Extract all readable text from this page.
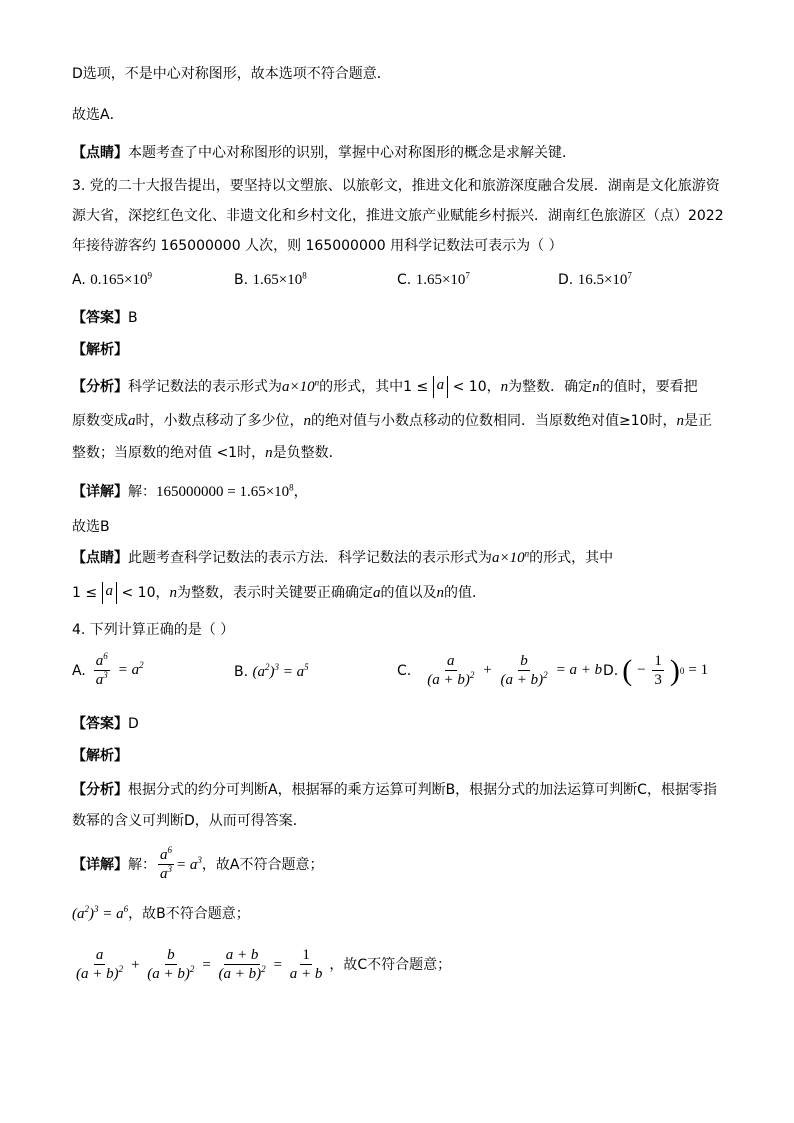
D选项，不是中心对称图形，故本选项不符合题意．
故选A．
【点睛】本题考查了中心对称图形的识别，掌握中心对称图形的概念是求解关键．
3. 党的二十大报告提出，要坚持以文塑旅、以旅彰文，推进文化和旅游深度融合发展．湖南是文化旅游资
源大省，深挖红色文化、非遗文化和乡村文化，推进文旅产业赋能乡村振兴．湖南红色旅游区（点）2022
年接待游客约 165000000 人次，则 165000000 用科学记数法可表示为（ ）
A. $0.165\times 10^9$	B. $1.65\times 10^8$	C. $1.65\times 10^7$	D. $16.5\times 10^7$
【答案】B
【解析】
【分析】科学记数法的表示形式为$a\times 10^n$的形式，其中1 ≤ a < 10，n为整数．确定n的值时，要看把
原数变成a时，小数点移动了多少位，n的绝对值与小数点移动的位数相同．当原数绝对值≥10时，n是正
整数；当原数的绝对值 <1时，n是负整数．
【详解】解：$165000000 = 1.65\times 10^8$，
故选B
【点睛】此题考查科学记数法的表示方法．科学记数法的表示形式为$a\times 10^n$的形式，其中
1 ≤ a < 10，n为整数，表示时关键要正确确定a的值以及n的值．
4. 下列计算正确的是（ ）
A. $\frac{a^6}{a^3} = a^2$	B. $(a^2)^3 = a^5$	C. $\frac{a}{(a + b)^2} + \frac{b}{(a + b)^2} = a + b$ D. ( − $\frac{1}{3}$ ) 0 = 1
【答案】D
【解析】
【分析】根据分式的约分可判断A，根据幂的乘方运算可判断B，根据分式的加法运算可判断C，根据零指
数幂的含义可判断D，从而可得答案．
【详解】 解： $\frac{a^6}{a^3} = a^3$ ，故A不符合题意；
$(a^2)^3 = a^6$，故B不符合题意；
$\frac{a}{(a + b)^2} + \frac{b}{(a + b)^2} = \frac{a + b}{(a + b)^2} = \frac{1}{a + b}$ ，故C不符合题意；
